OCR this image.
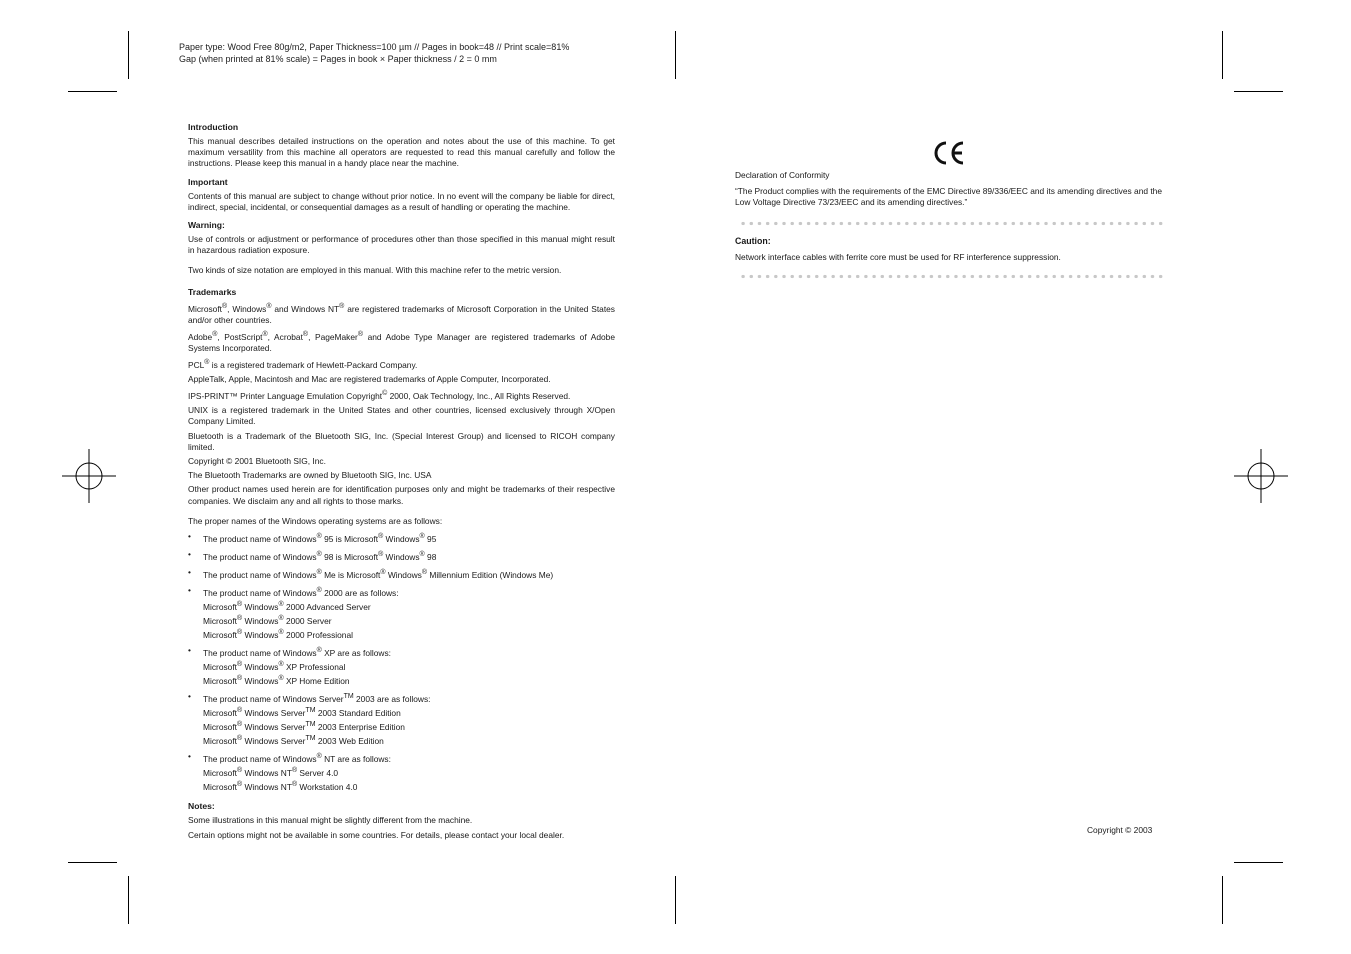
Paper type: Wood Free 80g/m2, Paper Thickness=100 µm // Pages in book=48 // Print scale=81%
Gap (when printed at 81% scale) = Pages in book × Paper thickness / 2 = 0 mm
Introduction

This manual describes detailed instructions on the operation and notes about the use of this machine. To get maximum versatility from this machine all operators are requested to read this manual carefully and follow the instructions. Please keep this manual in a handy place near the machine.

Important

Contents of this manual are subject to change without prior notice. In no event will the company be liable for direct, indirect, special, incidental, or consequential damages as a result of handling or operating the machine.

Warning:

Use of controls or adjustment or performance of procedures other than those specified in this manual might result in hazardous radiation exposure.

Two kinds of size notation are employed in this manual. With this machine refer to the metric version.

Trademarks

Microsoft®, Windows® and Windows NT® are registered trademarks of Microsoft Corporation in the United States and/or other countries.

Adobe®, PostScript®, Acrobat®, PageMaker® and Adobe Type Manager are registered trademarks of Adobe Systems Incorporated.

PCL® is a registered trademark of Hewlett-Packard Company.

AppleTalk, Apple, Macintosh and Mac are registered trademarks of Apple Computer, Incorporated.

IPS-PRINT™ Printer Language Emulation Copyright© 2000, Oak Technology, Inc., All Rights Reserved.

UNIX is a registered trademark in the United States and other countries, licensed exclusively through X/Open Company Limited.

Bluetooth is a Trademark of the Bluetooth SIG, Inc. (Special Interest Group) and licensed to RICOH company limited.

Copyright © 2001 Bluetooth SIG, Inc.

The Bluetooth Trademarks are owned by Bluetooth SIG, Inc. USA

Other product names used herein are for identification purposes only and might be trademarks of their respective companies. We disclaim any and all rights to those marks.

The proper names of the Windows operating systems are as follows:

• The product name of Windows® 95 is Microsoft® Windows® 95
• The product name of Windows® 98 is Microsoft® Windows® 98
• The product name of Windows® Me is Microsoft® Windows® Millennium Edition (Windows Me)
• The product name of Windows® 2000 are as follows:
Microsoft® Windows® 2000 Advanced Server
Microsoft® Windows® 2000 Server
Microsoft® Windows® 2000 Professional
• The product name of Windows® XP are as follows:
Microsoft® Windows® XP Professional
Microsoft® Windows® XP Home Edition
• The product name of Windows Server™ 2003 are as follows:
Microsoft® Windows Server™ 2003 Standard Edition
Microsoft® Windows Server™ 2003 Enterprise Edition
Microsoft® Windows Server™ 2003 Web Edition
• The product name of Windows® NT are as follows:
Microsoft® Windows NT® Server 4.0
Microsoft® Windows NT® Workstation 4.0
Notes:

Some illustrations in this manual might be slightly different from the machine.

Certain options might not be available in some countries. For details, please contact your local dealer.

Declaration of Conformity

“The Product complies with the requirements of the EMC Directive 89/336/EEC and its amending directives and the Low Voltage Directive 73/23/EEC and its amending directives.”

Caution:

Network interface cables with ferrite core must be used for RF interference suppression.

Copyright © 2003
